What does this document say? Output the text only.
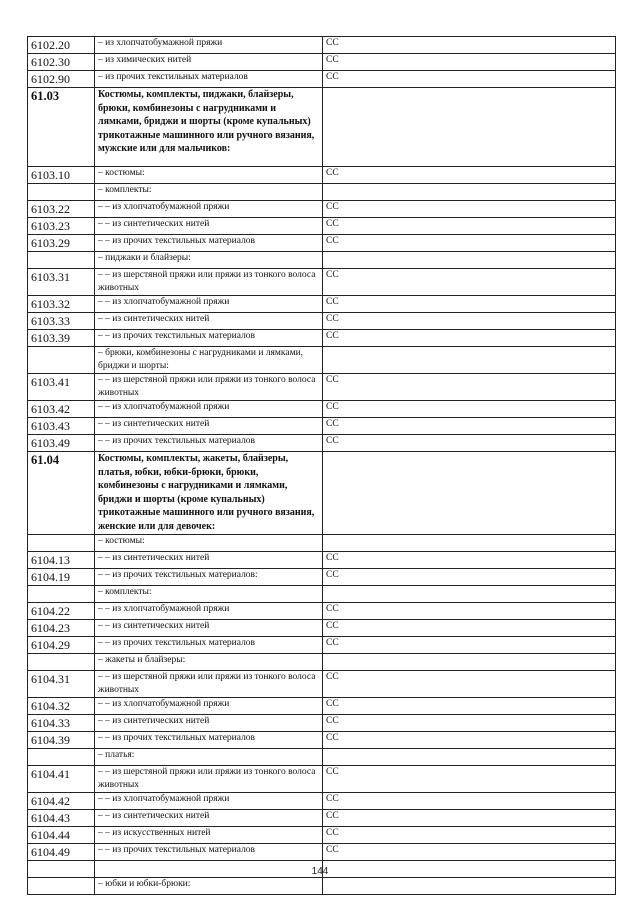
6102.20	– из хлопчатобумажной пряжи	CC
6102.30	– из химических нитей	CC
6102.90	– из прочих текстильных материалов	CC
61.03	Костюмы, комплекты, пиджаки, блайзеры, брюки, комбинезоны с нагрудниками и лямками, бриджи и шорты (кроме купальных) трикотажные машинного или ручного вязания, мужские или для мальчиков:	
6103.10	– костюмы:	CC
	– комплекты:	
6103.22	– – из хлопчатобумажной пряжи	CC
6103.23	– – из синтетических нитей	CC
6103.29	– – из прочих текстильных материалов	CC
	– пиджаки и блайзеры:	
6103.31	– – из шерстяной пряжи или пряжи из тонкого волоса животных	CC
6103.32	– – из хлопчатобумажной пряжи	CC
6103.33	– – из синтетических нитей	CC
6103.39	– – из прочих текстильных материалов	CC
	– брюки, комбинезоны с нагрудниками и лямками, бриджи и шорты:	
6103.41	– – из шерстяной пряжи или пряжи из тонкого волоса животных	CC
6103.42	– – из хлопчатобумажной пряжи	CC
6103.43	– – из синтетических нитей	CC
6103.49	– – из прочих текстильных материалов	CC
61.04	Костюмы, комплекты, жакеты, блайзеры, платья, юбки, юбки-брюки, брюки, комбинезоны с нагрудниками и лямками, бриджи и шорты (кроме купальных) трикотажные машинного или ручного вязания, женские или для девочек:	
	– костюмы:	
6104.13	– – из синтетических нитей	CC
6104.19	– – из прочих текстильных материалов:	CC
	– комплекты:	
6104.22	– – из хлопчатобумажной пряжи	CC
6104.23	– – из синтетических нитей	CC
6104.29	– – из прочих текстильных материалов	CC
	– жакеты и блайзеры:	
6104.31	– – из шерстяной пряжи или пряжи из тонкого волоса животных	CC
6104.32	– – из хлопчатобумажной пряжи	CC
6104.33	– – из синтетических нитей	CC
6104.39	– – из прочих текстильных материалов	CC
	– платья:	
6104.41	– – из шерстяной пряжи или пряжи из тонкого волоса животных	CC
6104.42	– – из хлопчатобумажной пряжи	CC
6104.43	– – из синтетических нитей	CC
6104.44	– – из искусственных нитей	CC
6104.49	– – из прочих текстильных материалов	CC

	– юбки и юбки-брюки:	
144
